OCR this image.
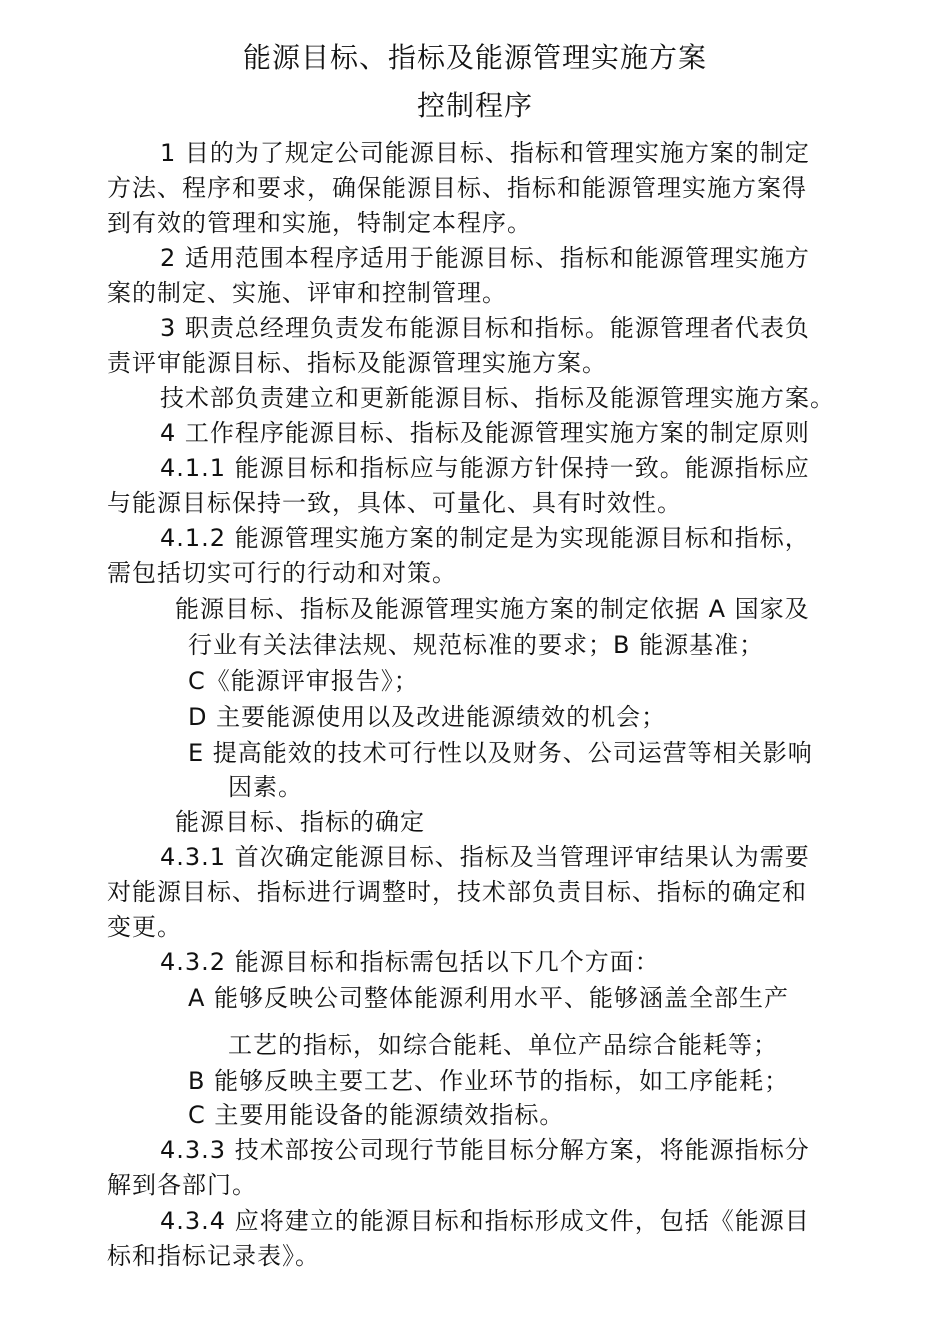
能源目标、指标及能源管理实施方案
控制程序
1 目的为了规定公司能源目标、指标和管理实施方案的制定
方法、程序和要求，确保能源目标、指标和能源管理实施方案得
到有效的管理和实施，特制定本程序。
2 适用范围本程序适用于能源目标、指标和能源管理实施方
案的制定、实施、评审和控制管理。
3 职责总经理负责发布能源目标和指标。能源管理者代表负
责评审能源目标、指标及能源管理实施方案。
技术部负责建立和更新能源目标、指标及能源管理实施方案。
4 工作程序能源目标、指标及能源管理实施方案的制定原则
4.1.1 能源目标和指标应与能源方针保持一致。能源指标应
与能源目标保持一致，具体、可量化、具有时效性。
4.1.2 能源管理实施方案的制定是为实现能源目标和指标，
需包括切实可行的行动和对策。
能源目标、指标及能源管理实施方案的制定依据 A 国家及
行业有关法律法规、规范标准的要求；B 能源基准；
C《能源评审报告》；
D 主要能源使用以及改进能源绩效的机会；
E 提高能效的技术可行性以及财务、公司运营等相关影响
因素。
能源目标、指标的确定
4.3.1 首次确定能源目标、指标及当管理评审结果认为需要
对能源目标、指标进行调整时，技术部负责目标、指标的确定和
变更。
4.3.2 能源目标和指标需包括以下几个方面：
A 能够反映公司整体能源利用水平、能够涵盖全部生产
工艺的指标，如综合能耗、单位产品综合能耗等；
B 能够反映主要工艺、作业环节的指标，如工序能耗；
C 主要用能设备的能源绩效指标。
4.3.3 技术部按公司现行节能目标分解方案，将能源指标分
解到各部门。
4.3.4 应将建立的能源目标和指标形成文件，包括《能源目
标和指标记录表》。
